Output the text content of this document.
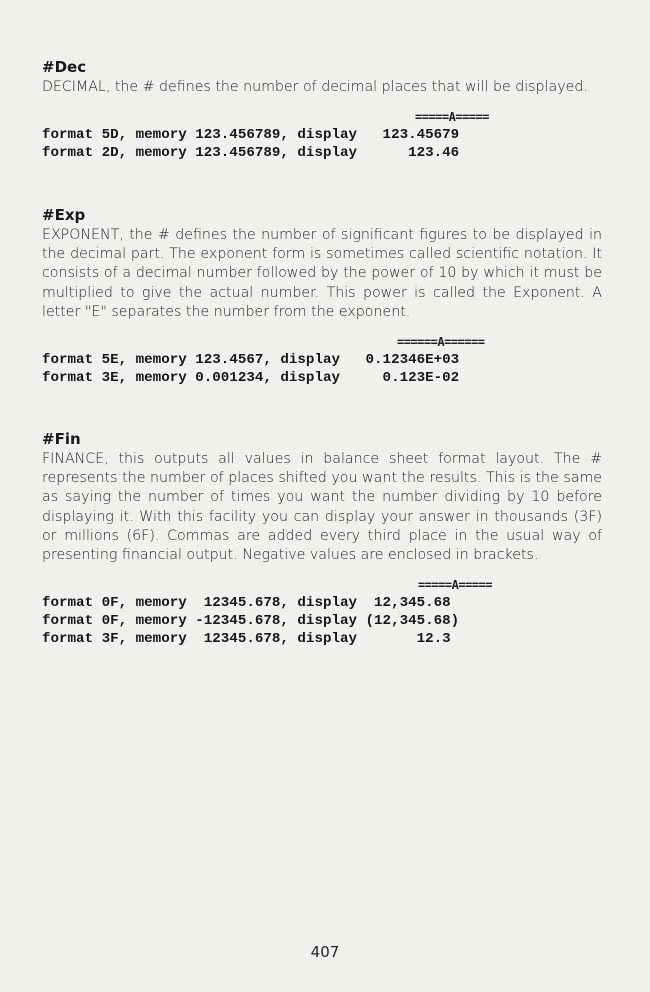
#Dec

DECIMAL, the # defines the number of decimal places that will be displayed.

=====A=====

format 5D, memory 123.456789, display   123.45679

format 2D, memory 123.456789, display      123.46

#Exp

EXPONENT, the # defines the number of significant figures to be displayed in the decimal part. The exponent form is sometimes called scientific notation. It consists of a decimal number followed by the power of 10 by which it must be multiplied to give the actual number. This power is called the Exponent. A letter "E" separates the number from the exponent.

======A======

format 5E, memory 123.4567, display   0.12346E+03

format 3E, memory 0.001234, display     0.123E-02

#Fin

FINANCE, this outputs all values in balance sheet format layout. The # represents the number of places shifted you want the results. This is the same as saying the number of times you want the number dividing by 10 before displaying it. With this facility you can display your answer in thousands (3F) or millions (6F). Commas are added every third place in the usual way of presenting financial output. Negative values are enclosed in brackets.

=====A=====

format 0F, memory  12345.678, display  12,345.68

format 0F, memory -12345.678, display (12,345.68)

format 3F, memory  12345.678, display       12.3

407
